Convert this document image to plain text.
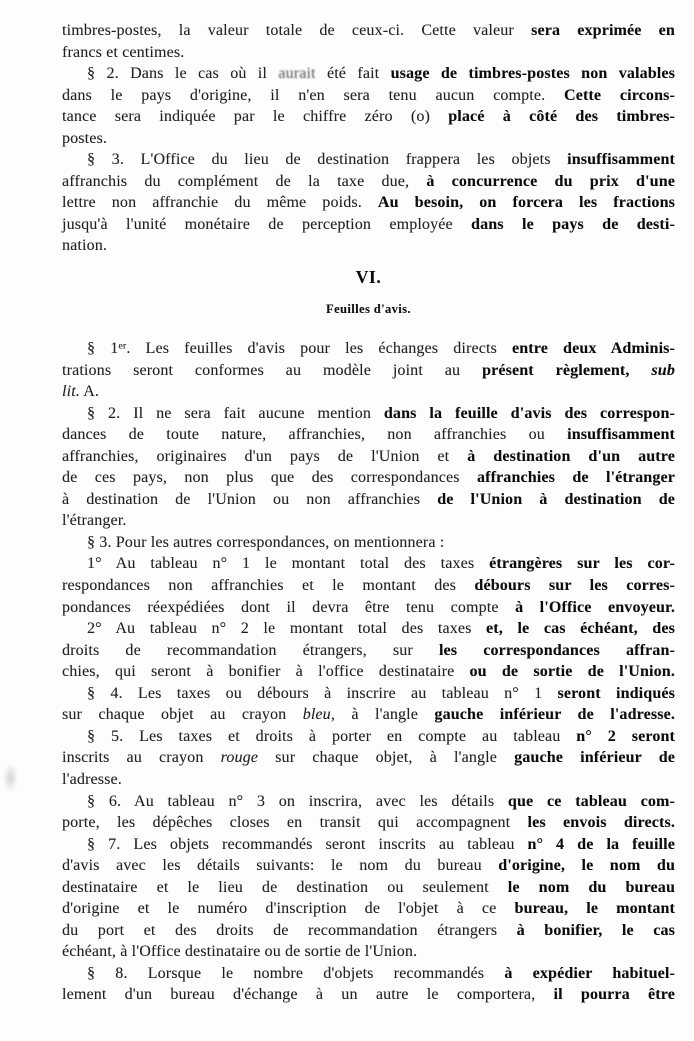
timbres-postes, la valeur totale de ceux-ci. Cette valeur sera exprimée en
francs et centimes.
§ 2. Dans le cas où il aurait été fait usage de timbres-postes non valables
dans le pays d'origine, il n'en sera tenu aucun compte. Cette circons-
tance sera indiquée par le chiffre zéro (o) placé à côté des timbres-
postes.
§ 3. L'Office du lieu de destination frappera les objets insuffisamment
affranchis du complément de la taxe due, à concurrence du prix d'une
lettre non affranchie du même poids. Au besoin, on forcera les fractions
jusqu'à l'unité monétaire de perception employée dans le pays de desti-
nation.
VI.
Feuilles d'avis.
§ 1er. Les feuilles d'avis pour les échanges directs entre deux Adminis-
trations seront conformes au modèle joint au présent règlement, sub
lit. A.
§ 2. Il ne sera fait aucune mention dans la feuille d'avis des correspon-
dances de toute nature, affranchies, non affranchies ou insuffisamment
affranchies, originaires d'un pays de l'Union et à destination d'un autre
de ces pays, non plus que des correspondances affranchies de l'étranger
à destination de l'Union ou non affranchies de l'Union à destination de
l'étranger.
§ 3. Pour les autres correspondances, on mentionnera :
1° Au tableau n° 1 le montant total des taxes étrangères sur les cor-
respondances non affranchies et le montant des débours sur les corres-
pondances réexpédiées dont il devra être tenu compte à l'Office envoyeur.
2° Au tableau n° 2 le montant total des taxes et, le cas échéant, des
droits de recommandation étrangers, sur les correspondances affran-
chies, qui seront à bonifier à l'office destinataire ou de sortie de l'Union.
§ 4. Les taxes ou débours à inscrire au tableau n° 1 seront indiqués
sur chaque objet au crayon bleu, à l'angle gauche inférieur de l'adresse.
§ 5. Les taxes et droits à porter en compte au tableau n° 2 seront
inscrits au crayon rouge sur chaque objet, à l'angle gauche inférieur de
l'adresse.
§ 6. Au tableau n° 3 on inscrira, avec les détails que ce tableau com-
porte, les dépêches closes en transit qui accompagnent les envois directs.
§ 7. Les objets recommandés seront inscrits au tableau n° 4 de la feuille
d'avis avec les détails suivants: le nom du bureau d'origine, le nom du
destinataire et le lieu de destination ou seulement le nom du bureau
d'origine et le numéro d'inscription de l'objet à ce bureau, le montant
du port et des droits de recommandation étrangers à bonifier, le cas
échéant, à l'Office destinataire ou de sortie de l'Union.
§ 8. Lorsque le nombre d'objets recommandés à expédier habituel-
lement d'un bureau d'échange à un autre le comportera, il pourra être
